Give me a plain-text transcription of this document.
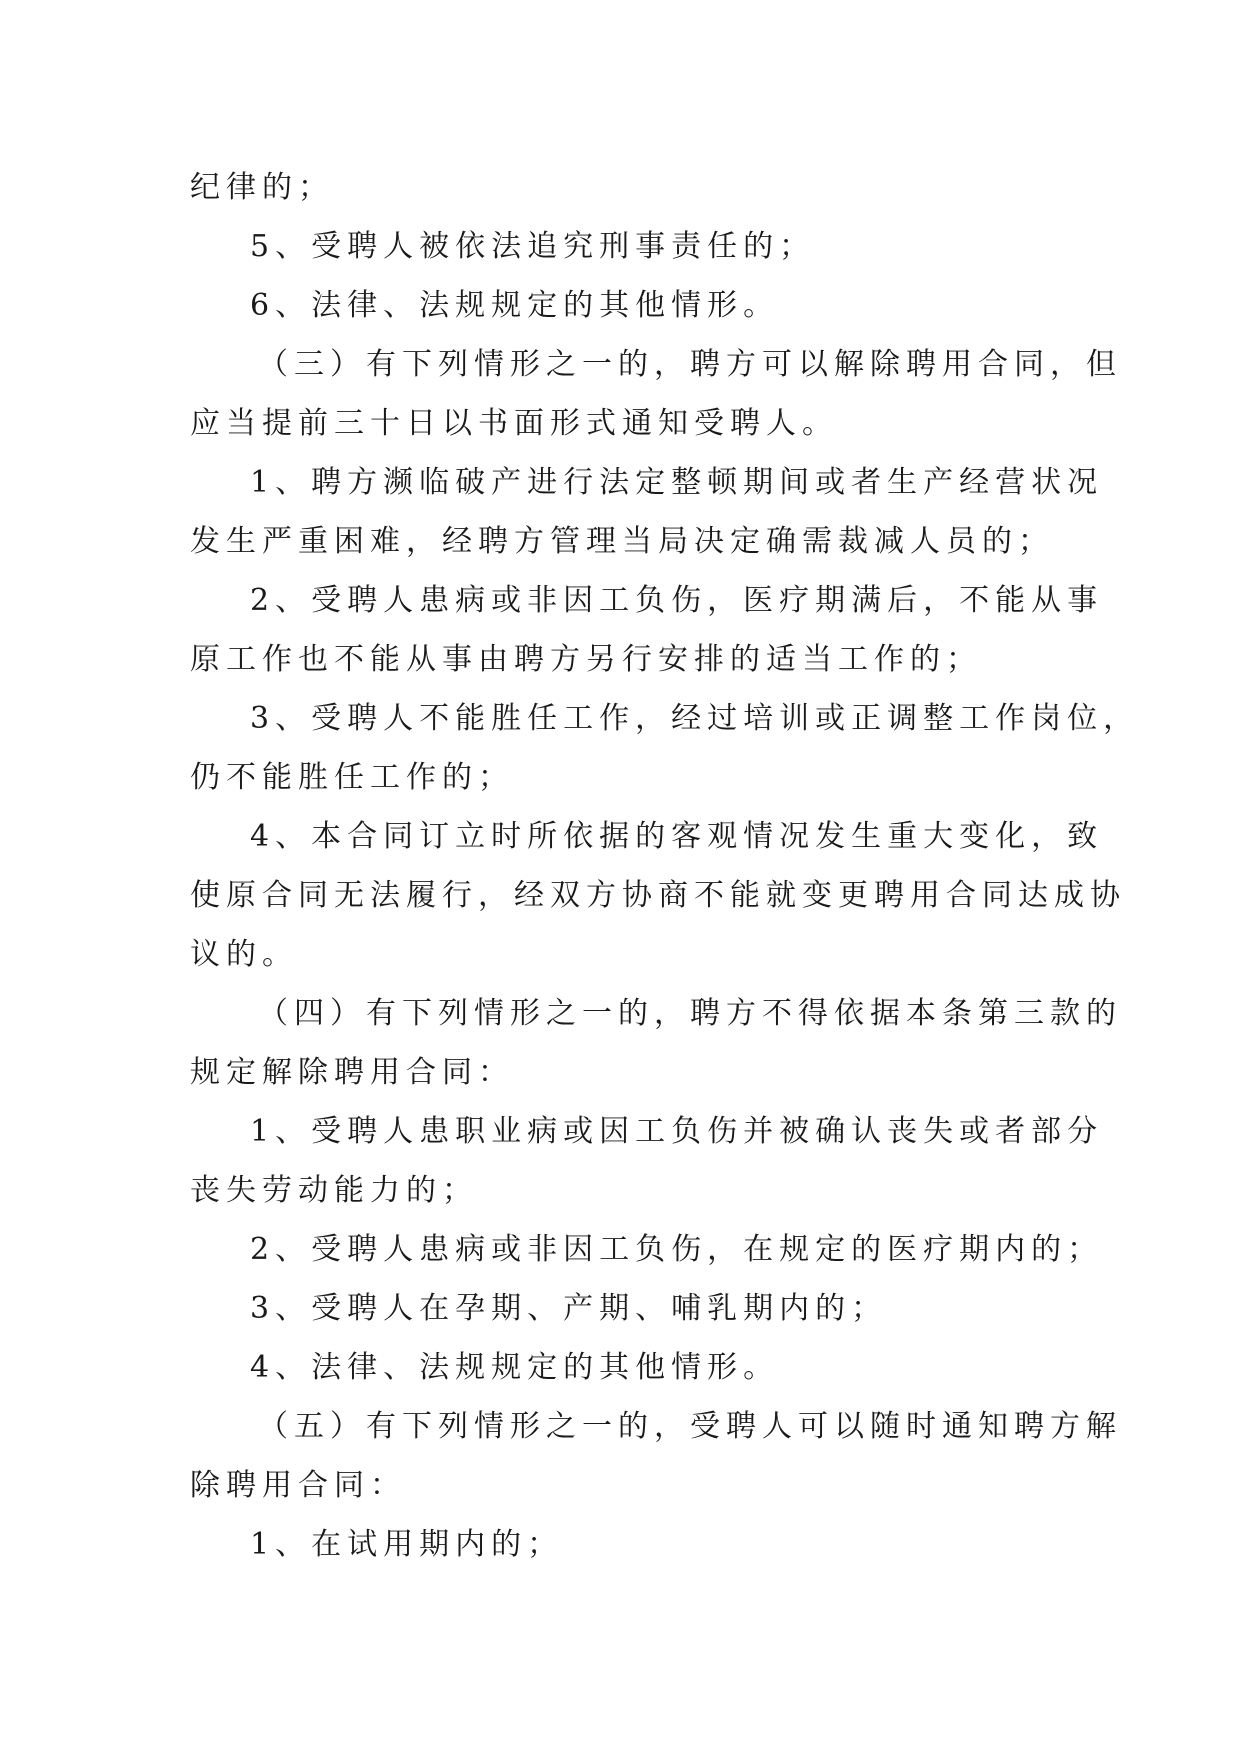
纪律的；
5、受聘人被依法追究刑事责任的；
6、法律、法规规定的其他情形。
（三）有下列情形之一的，聘方可以解除聘用合同，但
应当提前三十日以书面形式通知受聘人。
1、聘方濒临破产进行法定整顿期间或者生产经营状况
发生严重困难，经聘方管理当局决定确需裁减人员的；
2、受聘人患病或非因工负伤，医疗期满后，不能从事
原工作也不能从事由聘方另行安排的适当工作的；
3、受聘人不能胜任工作，经过培训或正调整工作岗位，
仍不能胜任工作的；
4、本合同订立时所依据的客观情况发生重大变化，致
使原合同无法履行，经双方协商不能就变更聘用合同达成协
议的。
（四）有下列情形之一的，聘方不得依据本条第三款的
规定解除聘用合同：
1、受聘人患职业病或因工负伤并被确认丧失或者部分
丧失劳动能力的；
2、受聘人患病或非因工负伤，在规定的医疗期内的；
3、受聘人在孕期、产期、哺乳期内的；
4、法律、法规规定的其他情形。
（五）有下列情形之一的，受聘人可以随时通知聘方解
除聘用合同：
1、在试用期内的；
